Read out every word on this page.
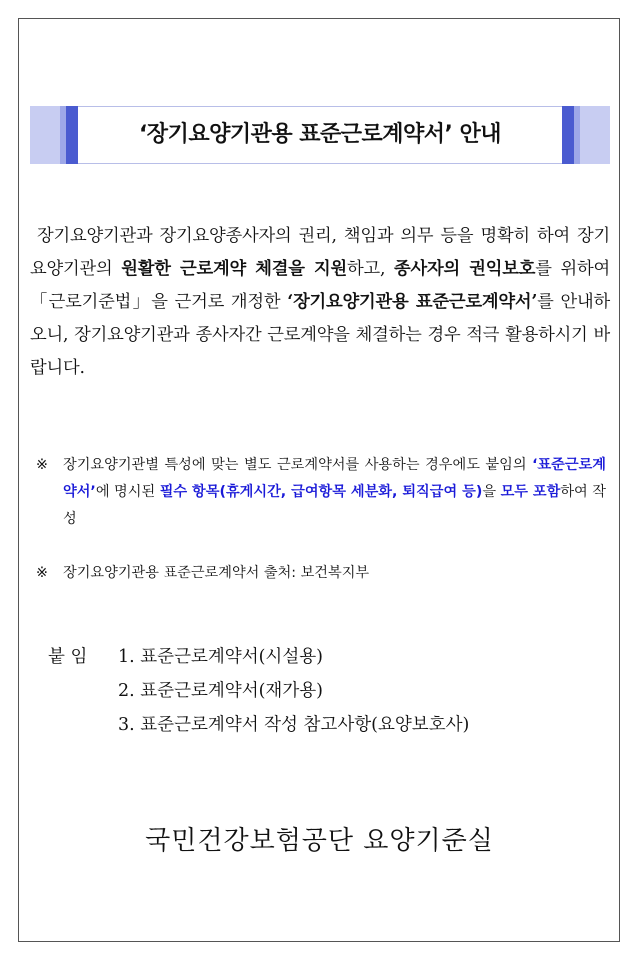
‘장기요양기관용 표준근로계약서’ 안내
장기요양기관과 장기요양종사자의 권리, 책임과 의무 등을 명확히 하여 장기요양기관의 원활한 근로계약 체결을 지원하고, 종사자의 권익보호를 위하여「근로기준법」을 근거로 개정한 ‘장기요양기관용 표준근로계약서’를 안내하오니, 장기요양기관과 종사자간 근로계약을 체결하는 경우 적극 활용하시기 바랍니다.
※ 장기요양기관별 특성에 맞는 별도 근로계약서를 사용하는 경우에도 붙임의 ‘표준근로계약서’에 명시된 필수 항목(휴게시간, 급여항목 세분화, 퇴직급여 등)을 모두 포함하여 작성
※ 장기요양기관용 표준근로계약서 출처: 보건복지부
붙 임	1. 표준근로계약서(시설용)
2. 표준근로계약서(재가용)
3. 표준근로계약서 작성 참고사항(요양보호사)
국민건강보험공단 요양기준실
